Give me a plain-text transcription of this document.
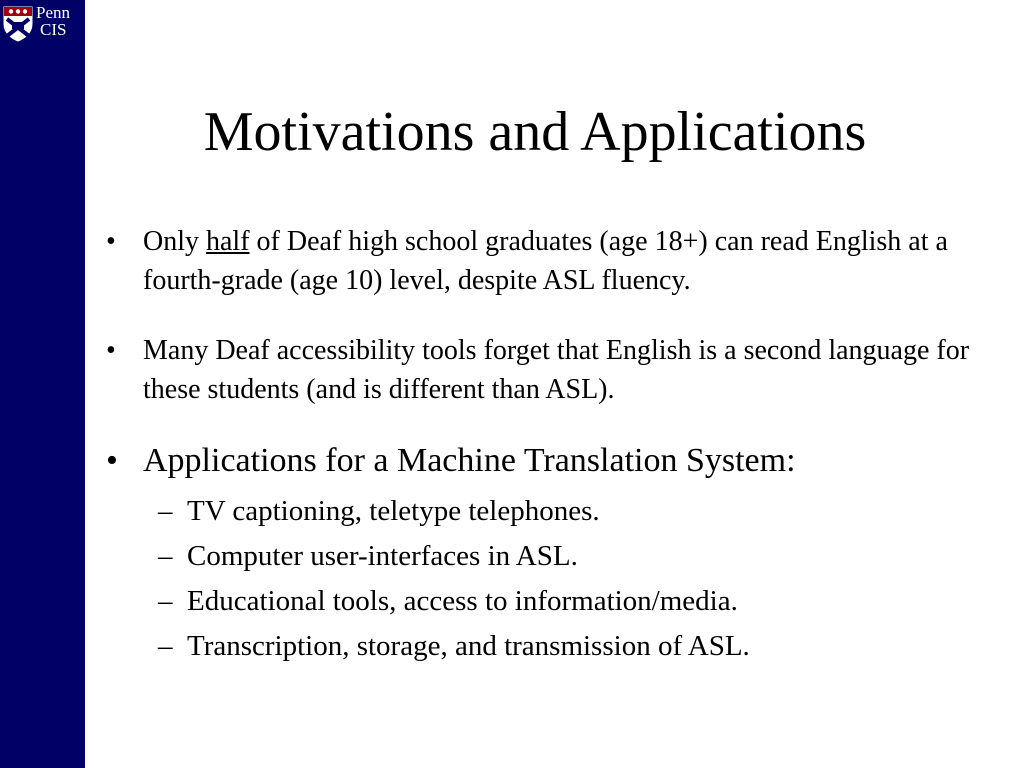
Penn
CIS
Motivations and Applications
• Only half of Deaf high school graduates (age 18+) can read English at a fourth-grade (age 10) level, despite ASL fluency.
• Many Deaf accessibility tools forget that English is a second language for these students (and is different than ASL).
• Applications for a Machine Translation System:
– TV captioning, teletype telephones.
– Computer user-interfaces in ASL.
– Educational tools, access to information/media.
– Transcription, storage, and transmission of ASL.
